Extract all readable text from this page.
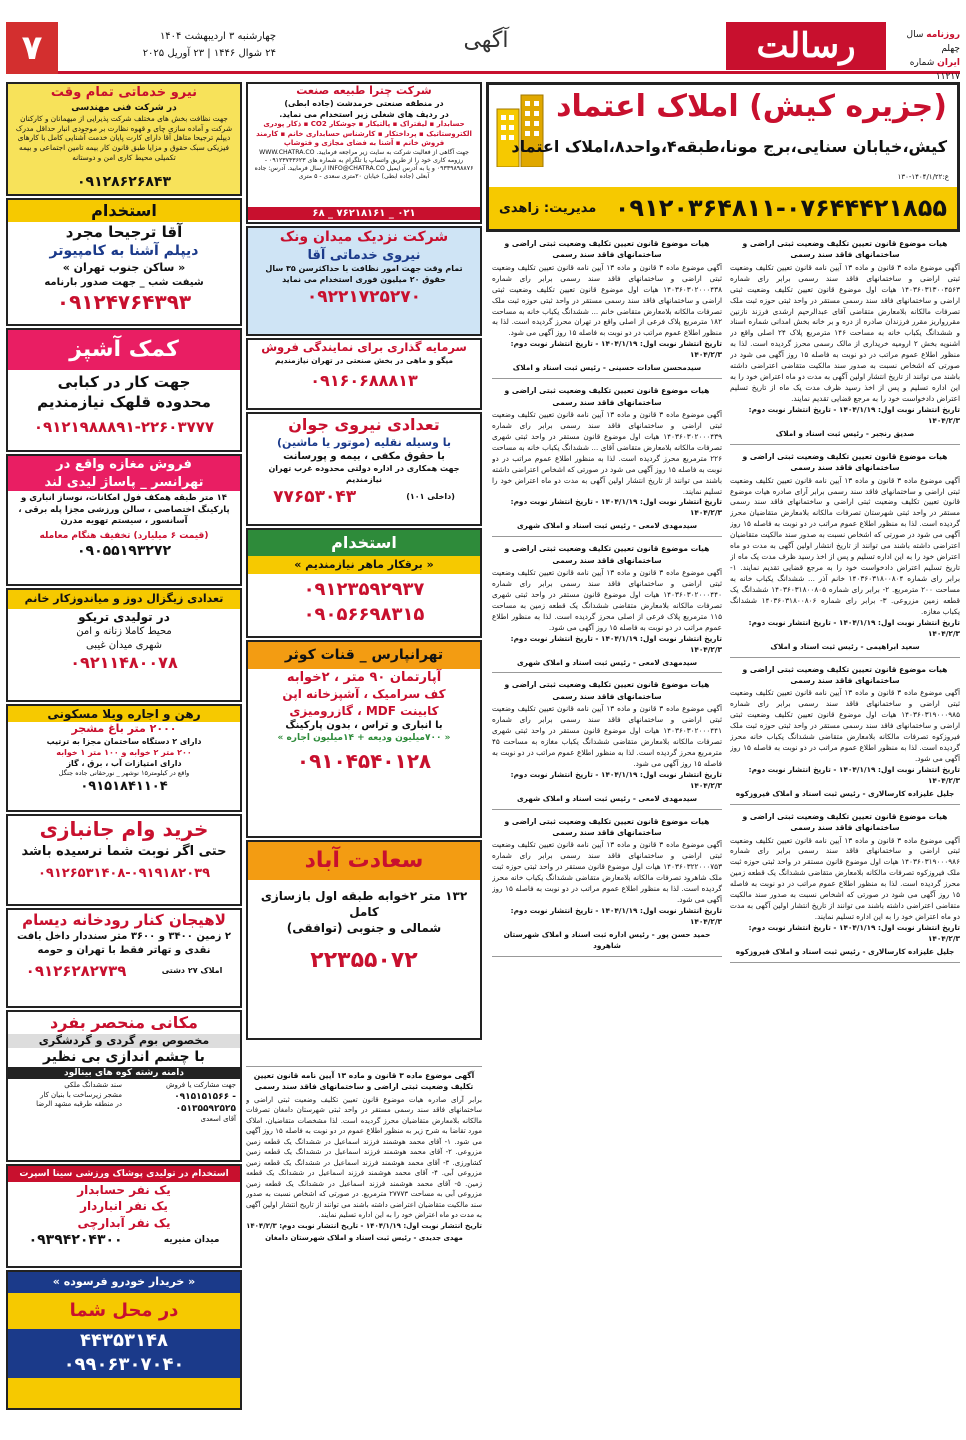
۷	چهارشنبه ۳ اردیبهشت ۱۴۰۴
۲۴ شوال ۱۴۴۶ | ۲۳ آوریل ۲۰۲۵
آگهی	رسالت	روزنامه سال چهلم
ایران شماره ۱۱۲۱۷
نیرو خدماتی تمام وقت
در شرکت فنی مهندسی
جهت نظافت بخش های مختلف شرکت پذیرایی از میهمانان و کارکنان شرکت و آماده سازی چای و قهوه نظارت بر موجودی انبار حداقل مدرک دیپلم ترجیحا متاهل آقا دارای کارت پایان خدمت آشنایی کامل با کارهای فیزیکی سبک حقوق و مزایا طبق قانون کار بیمه تامین اجتماعی و بیمه تکمیلی محیط کاری امن و دوستانه
۰۹۱۲۸۶۲۶۸۴۳
استخدام
آقا ترجیحا مجرد
دیپلم آشنا به کامپیوتر
« ساکن جنوب تهران »
شیفت شب _ جهت صدور بارنامه
۰۹۱۲۴۷۶۴۳۹۳
کمک آشپز
جهت کار در کبابی
محدوده قلهک نیازمندیم
۰۹۱۲۱۹۸۸۸۹۱-۲۲۶۰۳۷۷۷
فروش مغازه واقع در
تهرانسر _ پاساژ لیدی لند
۱۴ متر طبقه همکف فول امکانات، نوساز انباری و پارکینگ اختصاصی ، سالن ورزشی مجزا پله برقی ، آسانسور ، سیستم تهویه مدرن
(قیمت ۶ میلیارد) تخفیف هنگام معامله
۰۹۰۵۵۱۹۳۲۷۲
تعدادی زیگزال دوز و میاندوزکار خانم
در تولیدی تریکو
محیط کاملا زنانه و امن
شهری میدان غیبی
۰۹۲۱۱۴۸۰۰۷۸
رهن و اجاره ویلا مسکونی
۲۰۰۰ متر باغ مشجر
دارای ۲ دستگاه ساختمان مجزا به ترتیب
۲۰۰ متر ۲ خوابه و ۱۰۰ متر ۱ خوابه
دارای امتیازات آب ، برق ، گاز
واقع در کیلومتر۱۵ نوشهر _ نورحقانی جاده جنگل
۰۹۱۵۱۸۴۱۱۰۴
خرید وام جانبازی
حتی اگر نوبت شما نرسیده باشد
۰۹۱۲۶۵۳۱۴۰۸-۰۹۱۹۱۸۲۰۳۹
لاهیجان کنار رودخانه دیسام
۲ زمین ۳۴۰۰ و ۳۶۰۰ متر سنددار داخل بافت
نقدی و تهاتر فقط با تهران و حومه
املاک ۲۷ دشتی
۰۹۱۲۶۲۸۲۷۳۹
مکانی منحصر بفرد
مخصوص بوم گردی و گردشگری
با چشم اندازی بی نظیر
دامنه رشته کوه های بینالود
جهت مشارکت یا فروش
۰۹۱۵۱۵۱۵۶۶ - ۰۵۱۳۵۵۹۲۵۲۵
آقای اسعدی
سند ششدانگ ملکی
مشجر زیرساخت با بنیان کار
در منطقه طرقبه مشهد الرضا
استخدام در تولیدی پوشاک ورزشی سینا اسپرت
یک نفر حسابدار
یک نفر انباردار
یک نفر آبدارچی
میدان منیریه
۰۹۳۹۴۲۰۴۳۰۰
« خریدار خودرو فرسوده »
در محل شما
۴۴۳۵۳۱۴۸
۰۹۹۰۶۳۰۷۰۴۰
شرکت چترا طبیعه صنعت
در منطقه صنعتی خرمدشت (جاده ابطی)
در ردیف های شغلی زیر استخدام می نماید.
حسابدار ▪ لیفتراک ▪ پالتیکار ▪ جوشکار CO2 ▪ ذکار پودری الکتروستاتیک ▪ پرداختکار ▪ کارشناس حسابداری خانم ▪ کارمند فروش خانم ▪ آشنا به فضای مجازی و فتوشاپ
جهت آگاهی از فعالیت شرکت به سایت زیر مراجعه فرمایید. WWW.CHATRA.CO رزومه کاری خود را از طریق واتساپ یا تلگرام به شماره های ۰۹۱۲۳۷۴۳۶۲۳ - ۰۹۳۳۹۸۹۸۸۷۶ و یا به آدرس ایمیل INFO@CHATRA.CO ارسال فرمایید. آدرس: جاده آبعلی (جاده ابطی) خیابان ۲۰متری سعدی - ۵ متری
۶۸ _ ۷۶۲۱۸۱۶۱ _ ۰۲۱
شرکت نزدیک میدان ونک
نیروی خدماتی آقا
تمام وقت جهت امور نظافت با حداکثرسن ۳۵ سال
حقوق ۲۰ میلیون فوری استخدام می نماید
۰۹۲۲۱۷۲۵۲۷۰
سرمایه گذاری برای نمایندگی فروش
میگو و ماهی در بخش صنعتی در تهران نیازمندیم
۰۹۱۶۰۶۸۸۸۱۳
تعدادی نیروی جوان
با وسیله نقلیه (موتور یا ماشین)
با حقوق مکفی ، بیمه و پورسانت
جهت همکاری در اداره دولتی محدوده غرب تهران نیازمندیم
(داخلی ۱۰۱)
۷۷۶۵۳۰۴۳
استخدام
« برقکار ماهر نیازمندیم »
۰۹۱۲۳۵۹۲۹۳۷
۰۹۰۵۶۶۹۸۳۱۵
تهرانپارس _ قنات کوثر
آپارتمان ۹۰ متر ، ۲خوابه
کف سرامیک ، آشپزخانه اپن
کابینت MDF ، گازرومیزی
با انباری و تراس ، بدون پارکینگ
« ۷۰۰میلیون ودیعه + ۱۴میلیون اجاره »
۰۹۱۰۴۵۴۰۱۲۸
سعادت آباد
۱۳۲ متر ۲خوابه طبقه اول بازسازی کامل
شمالی و جنوبی (توافقی)
۲۲۳۵۵۰۷۲
آگهی موضوع ماده ۳ قانون و ماده ۱۳ آیین نامه قانون تعیین تکلیف وضعیت ثبتی اراضی و ساختمانهای فاقد سند رسمی
برابر آرای صادره هیات موضوع قانون تعیین تکلیف وضعیت ثبتی اراضی و ساختمانهای فاقد سند رسمی مستقر در واحد ثبتی شهرستان دامغان تصرفات مالکانه بلامعارض متقاضیان محرز گردیده است. لذا مشخصات متقاضیان، املاک مورد تقاضا به شرح زیر به منظور اطلاع عموم در دو نوبت به فاصله ۱۵ روز آگهی می شود. ۱- آقای محمد هوشمند فرزند اسماعیل در ششدانگ یک قطعه زمین مزروعی. ۲- آقای محمد هوشمند فرزند اسماعیل در ششدانگ یک قطعه زمین کشاورزی. ۳- آقای محمد هوشمند فرزند اسماعیل در ششدانگ یک قطعه زمین مزروعی آبی. ۴- آقای محمد هوشمند فرزند اسماعیل در ششدانگ یک قطعه زمین. ۵- آقای محمد هوشمند فرزند اسماعیل در ششدانگ یک قطعه زمین مزروعی آبی به مساحت ۲۷۷۷۳ مترمربع. در صورتی که اشخاص نسبت به صدور سند مالکیت متقاضیان اعتراضی داشته باشند می توانند از تاریخ انتشار اولین آگهی به مدت دو ماه اعتراض خود را به این اداره تسلیم نمایند.
تاریخ انتشار نوبت اول: ۱۴۰۴/۱/۱۹ - تاریخ انتشار نوبت دوم: ۱۴۰۴/۲/۳
مهدی جدیدی - رئیس ثبت اسناد و املاک شهرستان دامغان
(جزیره کیش) املاک اعتماد
کیش،خیابان سنایی،برج مونا،طبقه۴،واحد۸،املاک اعتماد
ع:۱۴۰۴/۱/۲۲-۱۳۰
۰۹۱۲۰۳۶۴۸۱۱-۰۷۶۴۴۴۲۱۸۵۵
مدیریت: زاهدی
هیات موضوع قانون تعیین تکلیف وضعیت ثبتی اراضی و ساختمانهای فاقد سند رسمی
آگهی موضوع ماده ۳ قانون و ماده ۱۳ آیین نامه قانون تعیین تکلیف وضعیت ثبتی اراضی و ساختمانهای فاقد سند رسمی برابر رای شماره ۱۴۰۳۶۰۳۱۳۰۰۴۵۶۳ هیات اول موضوع قانون تعیین تکلیف وضعیت ثبتی اراضی و ساختمانهای فاقد سند رسمی مستقر در واحد ثبتی حوزه ثبت ملک تصرفات مالکانه بلامعارض متقاضی آقای عبدالرحیم ارشدی فرزند نازنین مقررواریز مقرر فرزندان صادره از دره و بر خانه بخش امدانی شماره اسناد و ششدانگ یکباب خانه به مساحت ۱۴۶ مترمربع پلاک ۲۴ اصلی واقع در اشنویه بخش ۲ ارومیه خریداری از مالک رسمی محرز گردیده است. لذا به منظور اطلاع عموم مراتب در دو نوبت به فاصله ۱۵ روز آگهی می شود در صورتی که اشخاص نسبت به صدور سند مالکیت متقاضی اعتراضی داشته باشند می توانند از تاریخ انتشار اولین آگهی به مدت دو ماه اعتراض خود را به این اداره تسلیم و پس از اخذ رسید ظرف مدت یک ماه از تاریخ تسلیم اعتراض دادخواست خود را به مرجع قضایی تقدیم نمایند.
تاریخ انتشار نوبت اول: ۱۴۰۴/۱/۱۹ - تاریخ انتشار نوبت دوم: ۱۴۰۴/۲/۳
صدیق رنجبر - رئیس ثبت اسناد و املاک
هیات موضوع قانون تعیین تکلیف وضعیت ثبتی اراضی و ساختمانهای فاقد سند رسمی
آگهی موضوع ماده ۳ قانون و ماده ۱۳ آیین نامه قانون تعیین تکلیف وضعیت ثبتی اراضی و ساختمانهای فاقد سند رسمی برابر آرای صادره هیات موضوع قانون تعیین تکلیف وضعیت ثبتی اراضی و ساختمانهای فاقد سند رسمی مستقر در واحد ثبتی شهرستان تصرفات مالکانه بلامعارض متقاضیان محرز گردیده است. لذا به منظور اطلاع عموم مراتب در دو نوبت به فاصله ۱۵ روز آگهی می شود در صورتی که اشخاص نسبت به صدور سند مالکیت متقاضیان اعتراضی داشته باشند می توانند از تاریخ انتشار اولین آگهی به مدت دو ماه اعتراض خود را به این اداره تسلیم و پس از اخذ رسید ظرف مدت یک ماه از تاریخ تسلیم اعتراض دادخواست خود را به مرجع قضایی تقدیم نمایند. ۱- برابر رای شماره ۱۴۰۳۶۰۳۱۸۰۰۸۰۴ خانم آذر ... ششدانگ یکباب خانه به مساحت ۲۰۰ مترمربع. ۲- برابر رای شماره ۱۴۰۳۶۰۳۱۸۰۰۸۰۵ ششدانگ یک قطعه زمین مزروعی. ۳- برابر رای شماره ۱۴۰۳۶۰۳۱۸۰۰۸۰۶ ششدانگ یکباب مغازه.
تاریخ انتشار نوبت اول: ۱۴۰۴/۱/۱۹ - تاریخ انتشار نوبت دوم: ۱۴۰۴/۲/۳
سعید ابراهیمی - رئیس ثبت اسناد و املاک
هیات موضوع قانون تعیین تکلیف وضعیت ثبتی اراضی و ساختمانهای فاقد سند رسمی
آگهی موضوع ماده ۳ قانون و ماده ۱۳ آیین نامه قانون تعیین تکلیف وضعیت ثبتی اراضی و ساختمانهای فاقد سند رسمی برابر رای شماره ۱۴۰۳۶۰۳۱۹۰۰۰۹۸۵ هیات اول موضوع قانون تعیین تکلیف وضعیت ثبتی اراضی و ساختمانهای فاقد سند رسمی مستقر در واحد ثبتی حوزه ثبت ملک فیروزکوه تصرفات مالکانه بلامعارض متقاضی ششدانگ یکباب خانه محرز گردیده است. لذا به منظور اطلاع عموم مراتب در دو نوبت به فاصله ۱۵ روز آگهی می شود.
تاریخ انتشار نوبت اول: ۱۴۰۴/۱/۱۹ - تاریخ انتشار نوبت دوم: ۱۴۰۴/۲/۳
جلیل علیزاده کارسالاری - رئیس ثبت اسناد و املاک فیروزکوه
هیات موضوع قانون تعیین تکلیف وضعیت ثبتی اراضی و ساختمانهای فاقد سند رسمی
آگهی موضوع ماده ۳ قانون و ماده ۱۳ آیین نامه قانون تعیین تکلیف وضعیت ثبتی اراضی و ساختمانهای فاقد سند رسمی برابر رای شماره ۱۴۰۳۶۰۳۱۹۰۰۰۹۸۶ هیات اول موضوع قانون مستقر در واحد ثبتی حوزه ثبت ملک فیروزکوه تصرفات مالکانه بلامعارض متقاضی ششدانگ یک قطعه زمین محرز گردیده است. لذا به منظور اطلاع عموم مراتب در دو نوبت به فاصله ۱۵ روز آگهی می شود در صورتی که اشخاص نسبت به صدور سند مالکیت متقاضی اعتراضی داشته باشند می توانند از تاریخ انتشار اولین آگهی به مدت دو ماه اعتراض خود را به این اداره تسلیم نمایند.
تاریخ انتشار نوبت اول: ۱۴۰۴/۱/۱۹ - تاریخ انتشار نوبت دوم: ۱۴۰۴/۲/۳
جلیل علیزاده کارسالاری - رئیس ثبت اسناد و املاک فیروزکوه
هیات موضوع قانون تعیین تکلیف وضعیت ثبتی اراضی و ساختمانهای فاقد سند رسمی
آگهی موضوع ماده ۳ قانون و ماده ۱۳ آیین نامه قانون تعیین تکلیف وضعیت ثبتی اراضی و ساختمانهای فاقد سند رسمی برابر رای شماره ۱۴۰۳۶۰۳۰۲۰۰۰۴۳۸ هیات اول موضوع قانون تعیین تکلیف وضعیت ثبتی اراضی و ساختمانهای فاقد سند رسمی مستقر در واحد ثبتی حوزه ثبت ملک تصرفات مالکانه بلامعارض متقاضی خانم ... ششدانگ یکباب خانه به مساحت ۱۸۲ مترمربع پلاک فرعی از اصلی واقع در تهران محرز گردیده است. لذا به منظور اطلاع عموم مراتب در دو نوبت به فاصله ۱۵ روز آگهی می شود.
تاریخ انتشار نوبت اول: ۱۴۰۴/۱/۱۹ - تاریخ انتشار نوبت دوم: ۱۴۰۴/۲/۳
سیدمحسن سادات حسینی - رئیس ثبت اسناد و املاک
هیات موضوع قانون تعیین تکلیف وضعیت ثبتی اراضی و ساختمانهای فاقد سند رسمی
آگهی موضوع ماده ۳ قانون و ماده ۱۳ آیین نامه قانون تعیین تکلیف وضعیت ثبتی اراضی و ساختمانهای فاقد سند رسمی برابر رای شماره ۱۴۰۳۶۰۳۰۲۰۰۰۴۳۹ هیات اول موضوع قانون مستقر در واحد ثبتی شهری تصرفات مالکانه بلامعارض متقاضی آقای ... ششدانگ یکباب خانه به مساحت ۲۲۶ مترمربع محرز گردیده است. لذا به منظور اطلاع عموم مراتب در دو نوبت به فاصله ۱۵ روز آگهی می شود در صورتی که اشخاص اعتراضی داشته باشند می توانند از تاریخ انتشار اولین آگهی به مدت دو ماه اعتراض خود را تسلیم نمایند.
تاریخ انتشار نوبت اول: ۱۴۰۴/۱/۱۹ - تاریخ انتشار نوبت دوم: ۱۴۰۴/۲/۳
سیدمهدی لامعی - رئیس ثبت اسناد و املاک شهری
هیات موضوع قانون تعیین تکلیف وضعیت ثبتی اراضی و ساختمانهای فاقد سند رسمی
آگهی موضوع ماده ۳ قانون و ماده ۱۳ آیین نامه قانون تعیین تکلیف وضعیت ثبتی اراضی و ساختمانهای فاقد سند رسمی برابر رای شماره ۱۴۰۳۶۰۳۰۲۰۰۰۴۴۰ هیات اول موضوع قانون مستقر در واحد ثبتی شهری تصرفات مالکانه بلامعارض متقاضی ششدانگ یک قطعه زمین به مساحت ۱۱۵ مترمربع پلاک فرعی از اصلی محرز گردیده است. لذا به منظور اطلاع عموم مراتب در دو نوبت به فاصله ۱۵ روز آگهی می شود.
تاریخ انتشار نوبت اول: ۱۴۰۴/۱/۱۹ - تاریخ انتشار نوبت دوم: ۱۴۰۴/۲/۳
سیدمهدی لامعی - رئیس ثبت اسناد و املاک شهری
هیات موضوع قانون تعیین تکلیف وضعیت ثبتی اراضی و ساختمانهای فاقد سند رسمی
آگهی موضوع ماده ۳ قانون و ماده ۱۳ آیین نامه قانون تعیین تکلیف وضعیت ثبتی اراضی و ساختمانهای فاقد سند رسمی برابر رای شماره ۱۴۰۳۶۰۳۰۲۰۰۰۴۴۱ هیات اول موضوع قانون مستقر در واحد ثبتی شهری تصرفات مالکانه بلامعارض متقاضی ششدانگ یکباب مغازه به مساحت ۴۵ مترمربع محرز گردیده است. لذا به منظور اطلاع عموم مراتب در دو نوبت به فاصله ۱۵ روز آگهی می شود.
تاریخ انتشار نوبت اول: ۱۴۰۴/۱/۱۹ - تاریخ انتشار نوبت دوم: ۱۴۰۴/۲/۳
سیدمهدی لامعی - رئیس ثبت اسناد و املاک شهری
هیات موضوع قانون تعیین تکلیف وضعیت ثبتی اراضی و ساختمانهای فاقد سند رسمی
آگهی موضوع ماده ۳ قانون و ماده ۱۳ آیین نامه قانون تعیین تکلیف وضعیت ثبتی اراضی و ساختمانهای فاقد سند رسمی برابر رای شماره ۱۴۰۳۶۰۳۲۲۰۰۰۷۵۳ هیات اول موضوع قانون مستقر در واحد ثبتی حوزه ثبت ملک شاهرود تصرفات مالکانه بلامعارض متقاضی ششدانگ یکباب خانه محرز گردیده است. لذا به منظور اطلاع عموم مراتب در دو نوبت به فاصله ۱۵ روز آگهی می شود.
تاریخ انتشار نوبت اول: ۱۴۰۴/۱/۱۹ - تاریخ انتشار نوبت دوم: ۱۴۰۴/۲/۳
حمید حسن پور - رئیس اداره ثبت اسناد و املاک شهرستان شاهرود
